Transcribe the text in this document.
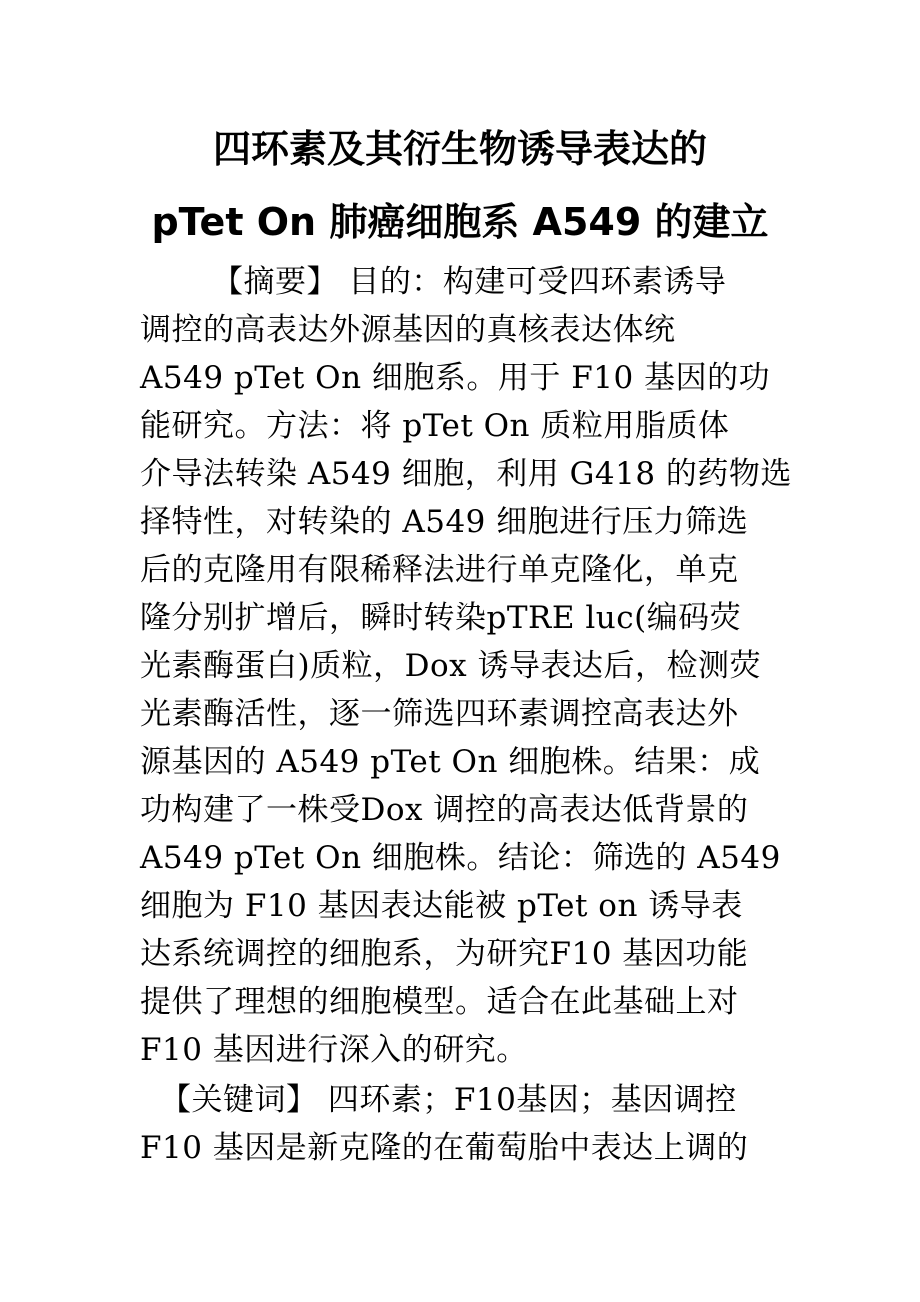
四环素及其衍生物诱导表达的
pTet On 肺癌细胞系 A549 的建立
【摘要】 目的：构建可受四环素诱导
调控的高表达外源基因的真核表达体统
A549 pTet On 细胞系。用于 F10 基因的功
能研究。方法：将 pTet On 质粒用脂质体
介导法转染 A549 细胞，利用 G418 的药物选
择特性，对转染的 A549 细胞进行压力筛选
后的克隆用有限稀释法进行单克隆化，单克
隆分别扩增后，瞬时转染pTRE luc(编码荧
光素酶蛋白)质粒，Dox 诱导表达后，检测荧
光素酶活性，逐一筛选四环素调控高表达外
源基因的 A549 pTet On 细胞株。结果：成
功构建了一株受Dox 调控的高表达低背景的
A549 pTet On 细胞株。结论：筛选的 A549
细胞为 F10 基因表达能被 pTet on 诱导表
达系统调控的细胞系，为研究F10 基因功能
提供了理想的细胞模型。适合在此基础上对
F10 基因进行深入的研究。
【关键词】 四环素；F10基因；基因调控
F10 基因是新克隆的在葡萄胎中表达上调的
